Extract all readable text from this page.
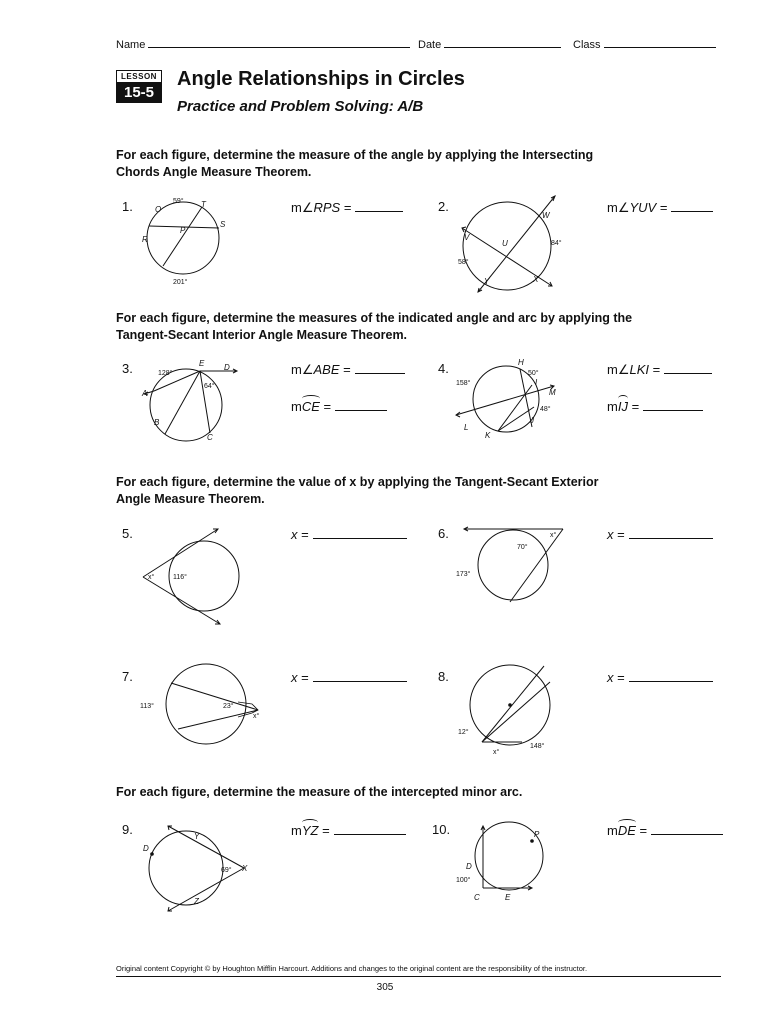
Name	Date	Class
LESSON
15-5
Angle Relationships in Circles
Practice and Problem Solving: A/B
For each figure, determine the measure of the angle by applying the Intersecting Chords Angle Measure Theorem.
For each figure, determine the measures of the indicated angle and arc by applying the Tangent-Secant Interior Angle Measure Theorem.
For each figure, determine the value of x by applying the Tangent-Secant Exterior Angle Measure Theorem.
For each figure, determine the measure of the intercepted minor arc.
1.	m∠RPS =
O
T
S
R
P
59°
201°
2.	m∠YUV =
W
V
U
Y	X
84°
58°
3.	m∠ABE =
mCE =
E D
A
B
C
128°
64°
4.	m∠LKI =
mIJ =
H
I
M
J
L
K
50°
158°
48°
5.	x =
x°	116°
6.	x =
70°
x°
173°
7.	x =
113°	23°
x°
8.	x =
12°
x°
148°
9.	mYZ =
Y
D
X
Z
69°
10.	mDE =
P
D
C	E
100°
Original content Copyright © by Houghton Mifflin Harcourt. Additions and changes to the original content are the responsibility of the instructor.
305
